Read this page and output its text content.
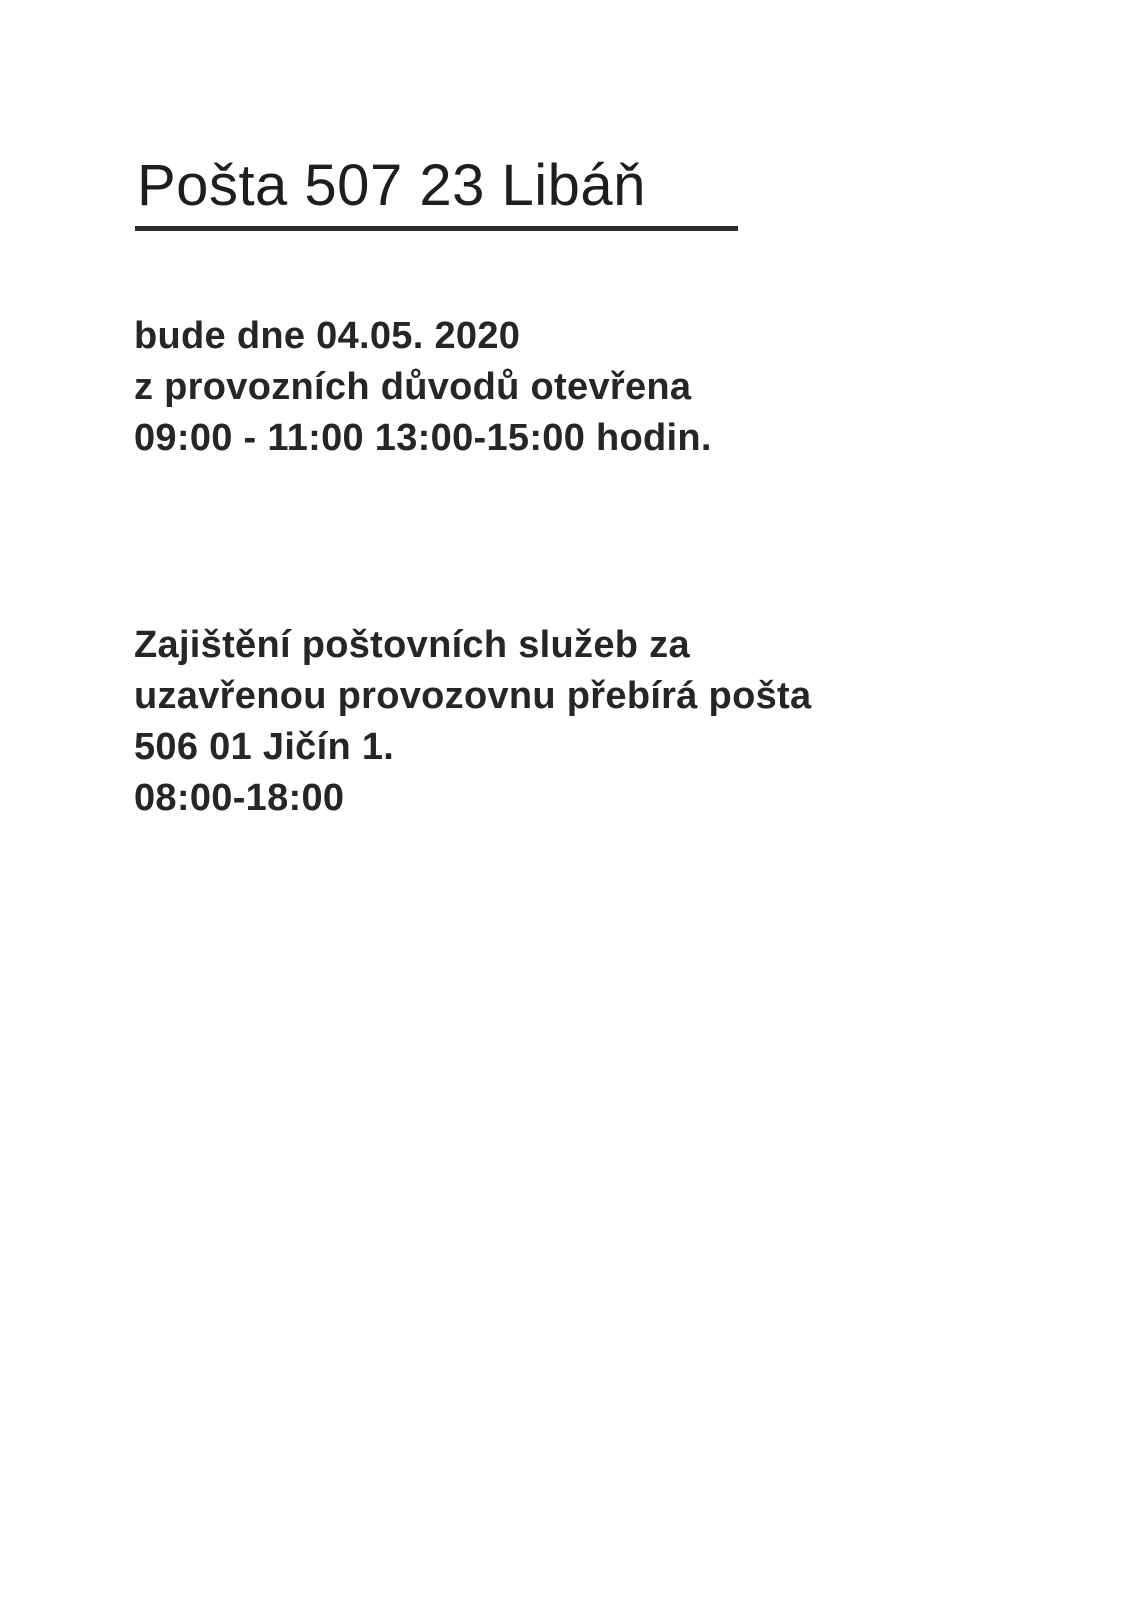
Pošta 507 23 Libáň

bude dne 04.05. 2020
z provozních důvodů otevřena
09:00 - 11:00 13:00-15:00 hodin.

Zajištění poštovních služeb za
uzavřenou provozovnu přebírá pošta
506 01 Jičín 1.
08:00-18:00
